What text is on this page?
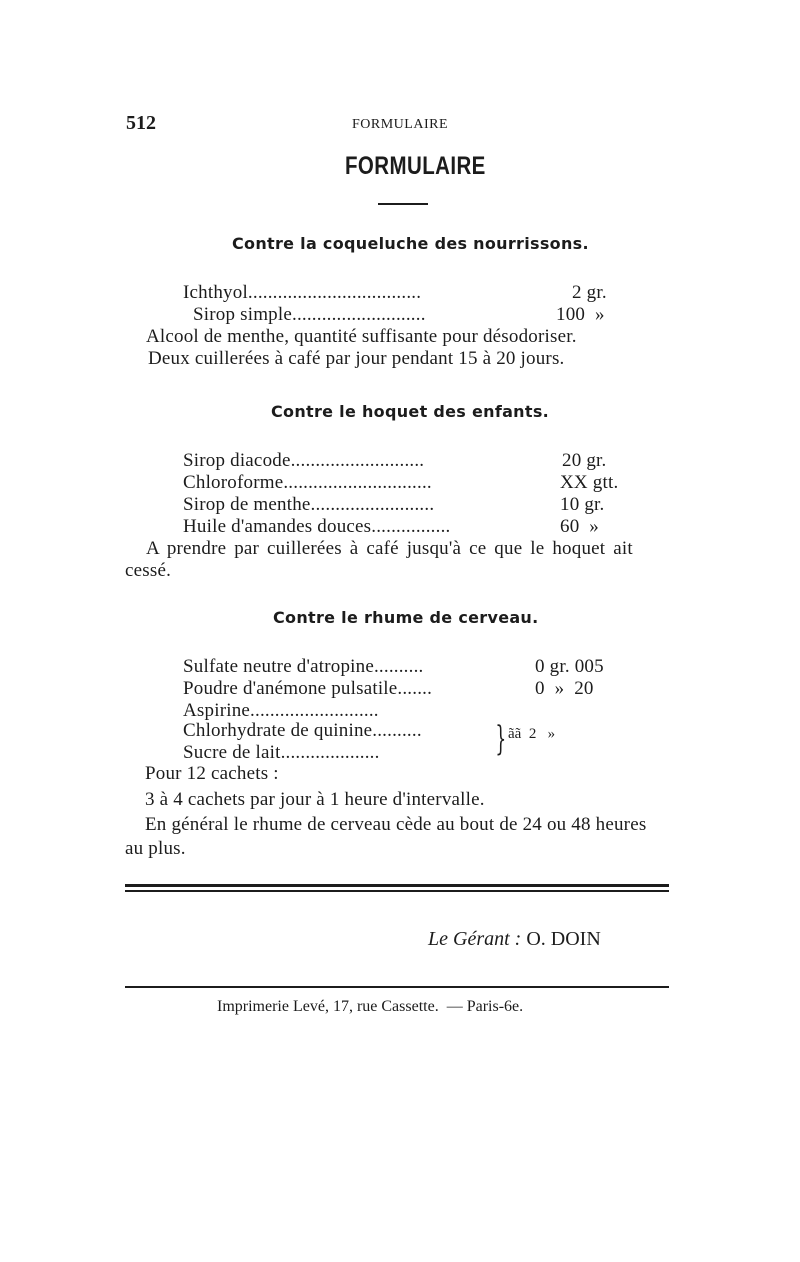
512	FORMULAIRE
FORMULAIRE
Contre la coqueluche des nourrissons.
Ichthyol...................................	2 gr.
Sirop simple...........................	100  »
Alcool de menthe, quantité suffisante pour désodoriser.
Deux cuillerées à café par jour pendant 15 à 20 jours.
Contre le hoquet des enfants.
Sirop diacode...........................	20 gr.
Chloroforme..............................	XX gtt.
Sirop de menthe.........................	10 gr.
Huile d'amandes douces................	60  »
A prendre par cuillerées à café jusqu'à ce que le hoquet ait
cessé.
Contre le rhume de cerveau.
Sulfate neutre d'atropine..........	0 gr. 005
Poudre d'anémone pulsatile.......	0  »  20
Aspirine..........................
Chlorhydrate de quinine..........
Sucre de lait....................	} ãã  2   »
Pour 12 cachets :
3 à 4 cachets par jour à 1 heure d'intervalle.
En général le rhume de cerveau cède au bout de 24 ou 48 heures
au plus.
Le Gérant : O. DOIN
Imprimerie Levé, 17, rue Cassette.  — Paris-6e.
